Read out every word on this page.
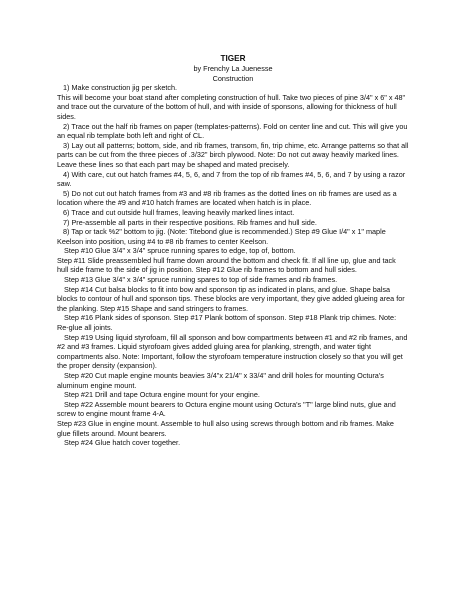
TIGER
by Frenchy La Juenesse
Construction

1) Make construction jig per sketch.

This will become your boat stand after completing construction of hull. Take two pieces of pine 3/4" x 6" x 48" and trace out the curvature of the bottom of hull, and with inside of sponsons, allowing for thickness of hull sides.

2) Trace out the half rib frames on paper (templates-patterns). Fold on center line and cut. This will give you an equal rib template both left and right of CL.

3) Lay out all patterns; bottom, side, and rib frames, transom, fin, trip chime, etc. Arrange patterns so that all parts can be cut from the three pieces of .3/32" birch plywood. Note: Do not cut away heavily marked lines. Leave these lines so that each part may be shaped and mated precisely.

4) With care, cut out hatch frames #4, 5, 6, and 7 from the top of rib frames #4, 5, 6, and 7 by using a razor saw.

5) Do not cut out hatch frames from #3 and #8 rib frames as the dotted lines on rib frames are used as a location where the #9 and #10 hatch frames are located when hatch is in place.

6) Trace and cut outside hull frames, leaving heavily marked lines intact.

7) Pre-assemble all parts in their respective positions. Rib frames and hull side.

8) Tap or tack %2" bottom to jig. (Note: Titebond glue is recommended.) Step #9 Glue I/4" x 1" maple Keelson into position, using #4 to #8 rib frames to center Keelson.

Step #10 Glue 3/4" x 3/4" spruce running spares to edge, top of, bottom.

Step #11 Slide preassembled hull frame down around the bottom and check fit. If all line up, glue and tack hull side frame to the side of jig in position. Step #12 Glue rib frames to bottom and hull sides.

Step #13 Glue 3/4" x 3/4" spruce running spares to top of side frames and rib frames.

Step #14 Cut balsa blocks to fit into bow and sponson tip as indicated in plans, and glue. Shape balsa blocks to contour of hull and sponson tips. These blocks are very important, they give added glueing area for the planking. Step #15 Shape and sand stringers to frames.

Step #16 Plank sides of sponson. Step #17 Plank bottom of sponson. Step #18 Plank trip chimes. Note: Re-glue all joints.

Step #19 Using liquid styrofoam, fill all sponson and bow compartments between #1 and #2 rib frames, and #2 and #3 frames. Liquid styrofoam gives added gluing area for planking, strength, and water tight compartments also. Note: Important, follow the styrofoam temperature instruction closely so that you will get the proper density (expansion).

Step #20 Cut maple engine mounts beavies 3/4"x 21/4" x 33/4" and drill holes for mounting Octura's aluminum engine mount.

Step #21 Drill and tape Octura engine mount for your engine.

Step #22 Assemble mount bearers to Octura engine mount using Octura's "T" large blind nuts, glue and screw to engine mount frame 4-A.

Step #23 Glue in engine mount. Assemble to hull also using screws through bottom and rib frames. Make glue fillets around. Mount bearers.

Step #24 Glue hatch cover together.
